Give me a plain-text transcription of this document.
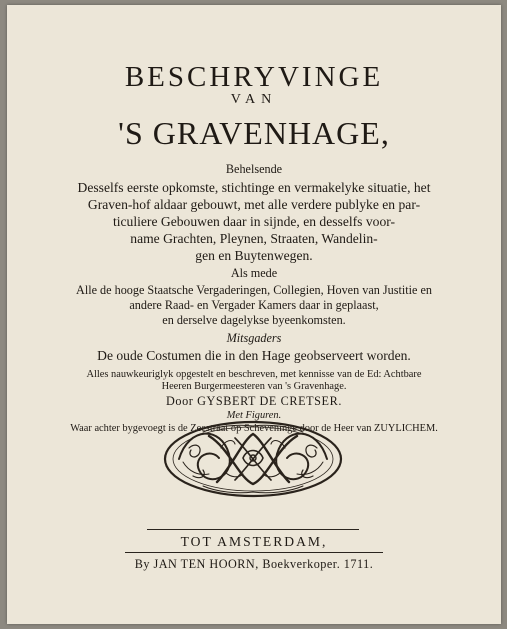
BESCHRYVINGE
VAN
'S GRAVENHAGE,
Behelsende
Desselfs eerste opkomste, stichtinge en vermakelyke situatie, het
Graven-hof aldaar gebouwt, met alle verdere publyke en par-
ticuliere Gebouwen daar in sijnde, en desselfs voor-
name Grachten, Pleynen, Straaten, Wandelin-
gen en Buytenwegen.
Als mede
Alle de hooge Staatsche Vergaderingen, Collegien, Hoven van Justitie en
andere Raad- en Vergader Kamers daar in geplaast,
en derselve dagelykse byeenkomsten.
Mitsgaders
De oude Costumen die in den Hage geobserveert worden.
Alles nauwkeuriglyk opgestelt en beschreven, met kennisse van de Ed: Achtbare
Heeren Burgermeesteren van 's Gravenhage.
Door GYSBERT DE CRETSER.
Met Figuren.
Waar achter bygevoegt is de Zeestraat op Scheveninge door de Heer van ZUYLICHEM.
TOT AMSTERDAM,
By JAN TEN HOORN, Boekverkoper. 1711.
